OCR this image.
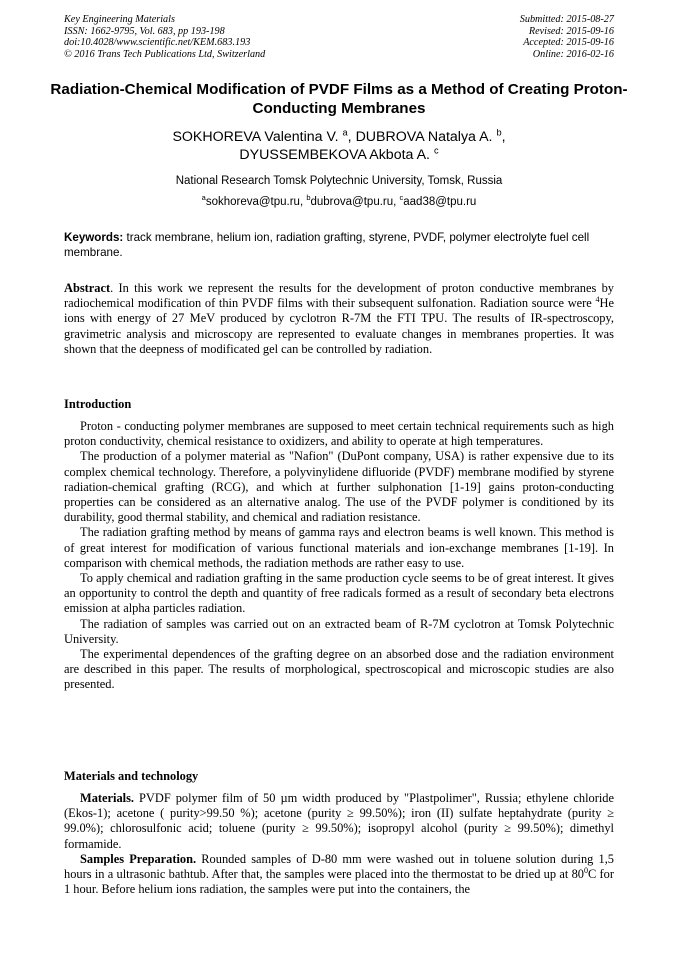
Key Engineering Materials
ISSN: 1662-9795, Vol. 683, pp 193-198
doi:10.4028/www.scientific.net/KEM.683.193
© 2016 Trans Tech Publications Ltd, Switzerland
Submitted: 2015-08-27
Revised: 2015-09-16
Accepted: 2015-09-16
Online: 2016-02-16
Radiation-Chemical Modification of PVDF Films as a Method of Creating Proton-Conducting Membranes
SOKHOREVA Valentina V. $^a$, DUBROVA Natalya A. $^b$,
DYUSSEMBEKOVA Akbota A. $^c$
National Research Tomsk Polytechnic University, Tomsk, Russia
$^a$sokhoreva@tpu.ru, $^b$dubrova@tpu.ru, $^c$aad38@tpu.ru
Keywords: track membrane, helium ion, radiation grafting, styrene, PVDF, polymer electrolyte fuel cell membrane.
Abstract. In this work we represent the results for the development of proton conductive membranes by radiochemical modification of thin PVDF films with their subsequent sulfonation. Radiation source were $^4$He ions with energy of 27 MeV produced by cyclotron R-7M the FTI TPU. The results of IR-spectroscopy, gravimetric analysis and microscopy are represented to evaluate changes in membranes properties. It was shown that the deepness of modificated gel can be controlled by radiation.
Introduction

Proton - conducting polymer membranes are supposed to meet certain technical requirements such as high proton conductivity, chemical resistance to oxidizers, and ability to operate at high temperatures.

The production of a polymer material as "Nafion" (DuPont company, USA) is rather expensive due to its complex chemical technology. Therefore, a polyvinylidene difluoride (PVDF) membrane modified by styrene radiation-chemical grafting (RCG), and which at further sulphonation [1-19] gains proton-conducting properties can be considered as an alternative analog. The use of the PVDF polymer is conditioned by its durability, good thermal stability, and chemical and radiation resistance.

The radiation grafting method by means of gamma rays and electron beams is well known. This method is of great interest for modification of various functional materials and ion-exchange membranes [1-19]. In comparison with chemical methods, the radiation methods are rather easy to use.

To apply chemical and radiation grafting in the same production cycle seems to be of great interest. It gives an opportunity to control the depth and quantity of free radicals formed as a result of secondary beta electrons emission at alpha particles radiation.

The radiation of samples was carried out on an extracted beam of R-7M cyclotron at Tomsk Polytechnic University.

The experimental dependences of the grafting degree on an absorbed dose and the radiation environment are described in this paper. The results of morphological, spectroscopical and microscopic studies are also presented.

Materials and technology

Materials. PVDF polymer film of 50 µm width produced by "Plastpolimer", Russia; ethylene chloride (Ekos-1); acetone ( purity>99.50 %); acetone (purity ≥ 99.50%); iron (II) sulfate heptahydrate (purity ≥ 99.0%); chlorosulfonic acid; toluene (purity ≥ 99.50%); isopropyl alcohol (purity ≥ 99.50%); dimethyl formamide.

Samples Preparation. Rounded samples of D-80 mm were washed out in toluene solution during 1,5 hours in a ultrasonic bathtub. After that, the samples were placed into the thermostat to be dried up at $80^0C$ for 1 hour. Before helium ions radiation, the samples were put into the containers, the
